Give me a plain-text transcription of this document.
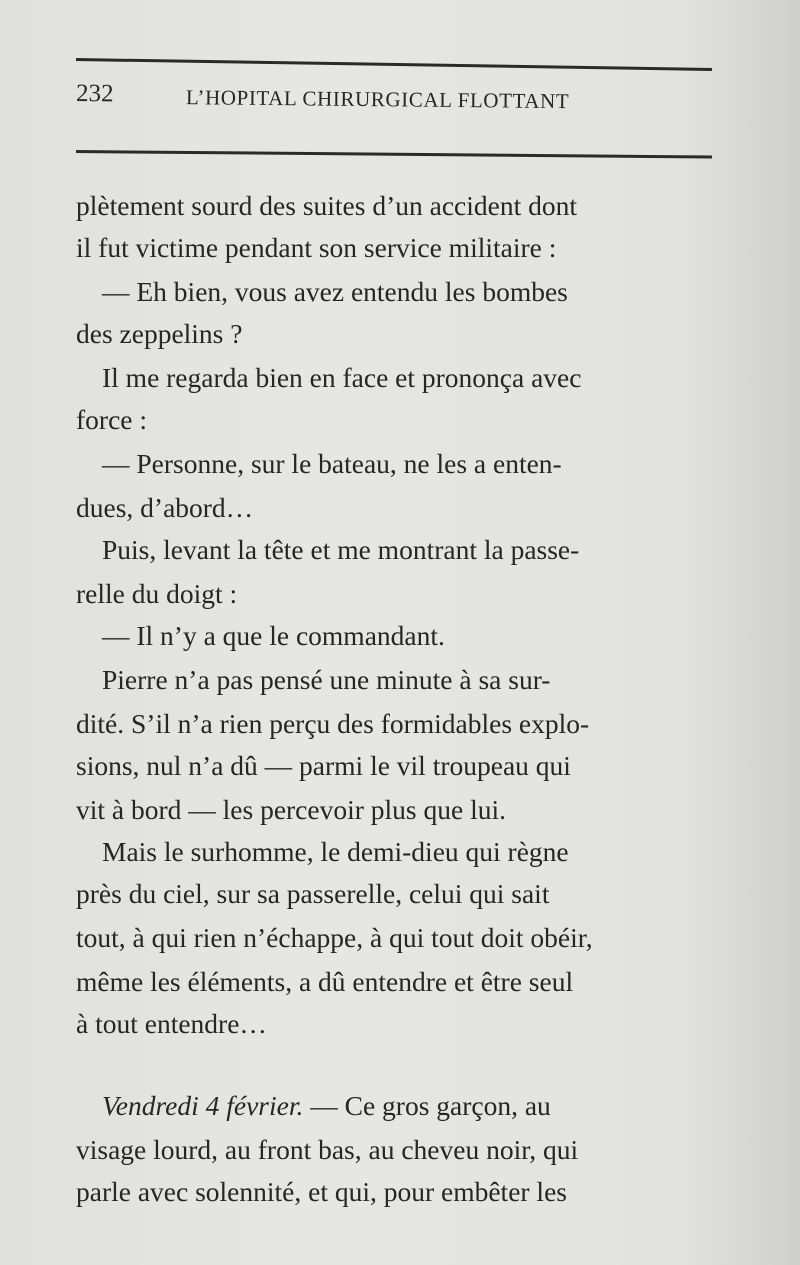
232	L’HOPITAL CHIRURGICAL FLOTTANT
plètement sourd des suites d’un accident dont
il fut victime pendant son service militaire :
— Eh bien, vous avez entendu les bombes
des zeppelins ?
Il me regarda bien en face et prononça avec
force :
— Personne, sur le bateau, ne les a enten-
dues, d’abord…
Puis, levant la tête et me montrant la passe-
relle du doigt :
— Il n’y a que le commandant.
Pierre n’a pas pensé une minute à sa sur-
dité. S’il n’a rien perçu des formidables explo-
sions, nul n’a dû — parmi le vil troupeau qui
vit à bord — les percevoir plus que lui.
Mais le surhomme, le demi-dieu qui règne
près du ciel, sur sa passerelle, celui qui sait
tout, à qui rien n’échappe, à qui tout doit obéir,
même les éléments, a dû entendre et être seul
à tout entendre…
Vendredi 4 février. — Ce gros garçon, au
visage lourd, au front bas, au cheveu noir, qui
parle avec solennité, et qui, pour embêter les
